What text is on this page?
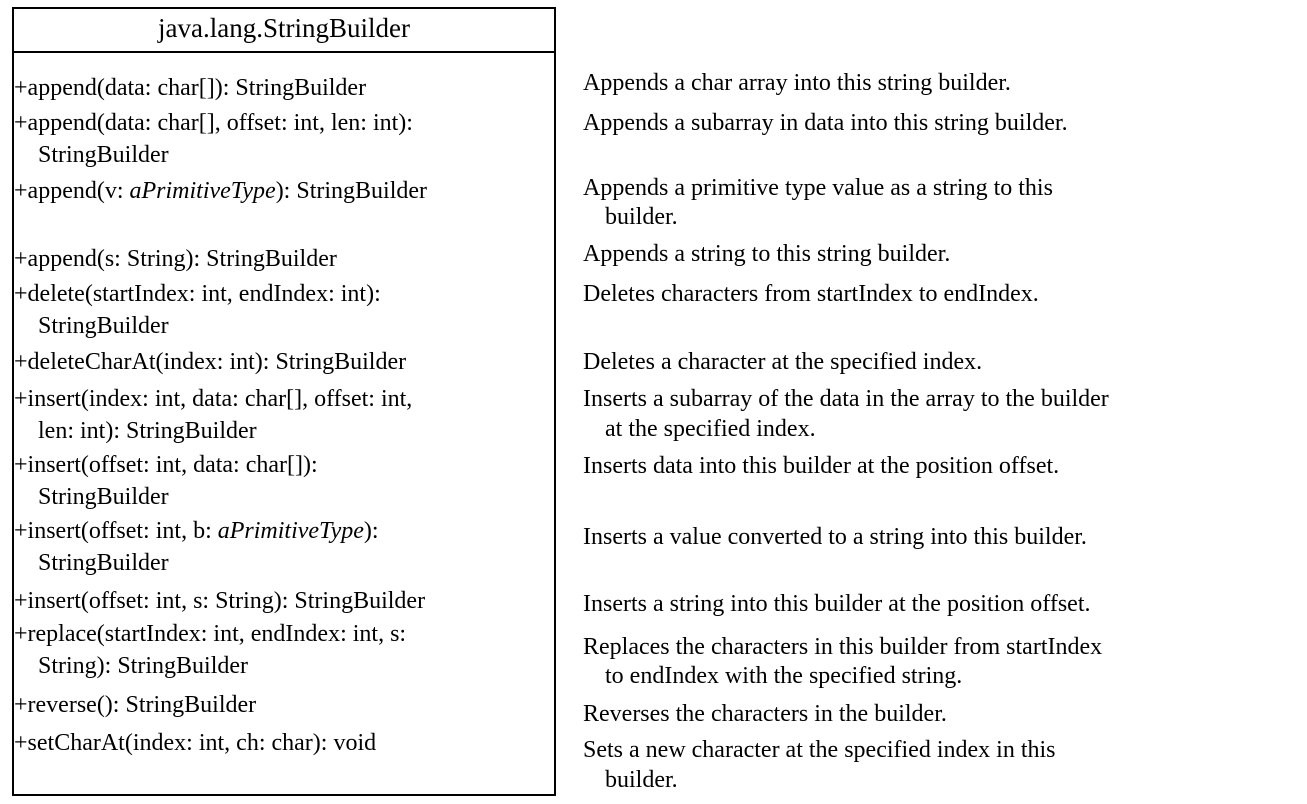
java.lang.StringBuilder
+append(data: char[]): StringBuilder
+append(data: char[], offset: int, len: int):
StringBuilder
+append(v: aPrimitiveType): StringBuilder
+append(s: String): StringBuilder
+delete(startIndex: int, endIndex: int):
StringBuilder
+deleteCharAt(index: int): StringBuilder
+insert(index: int, data: char[], offset: int,
len: int): StringBuilder
+insert(offset: int, data: char[]):
StringBuilder
+insert(offset: int, b: aPrimitiveType):
StringBuilder
+insert(offset: int, s: String): StringBuilder
+replace(startIndex: int, endIndex: int, s:
String): StringBuilder
+reverse(): StringBuilder
+setCharAt(index: int, ch: char): void
Appends a char array into this string builder.
Appends a subarray in data into this string builder.
Appends a primitive type value as a string to this
builder.
Appends a string to this string builder.
Deletes characters from startIndex to endIndex.
Deletes a character at the specified index.
Inserts a subarray of the data in the array to the builder
at the specified index.
Inserts data into this builder at the position offset.
Inserts a value converted to a string into this builder.
Inserts a string into this builder at the position offset.
Replaces the characters in this builder from startIndex
to endIndex with the specified string.
Reverses the characters in the builder.
Sets a new character at the specified index in this
builder.
